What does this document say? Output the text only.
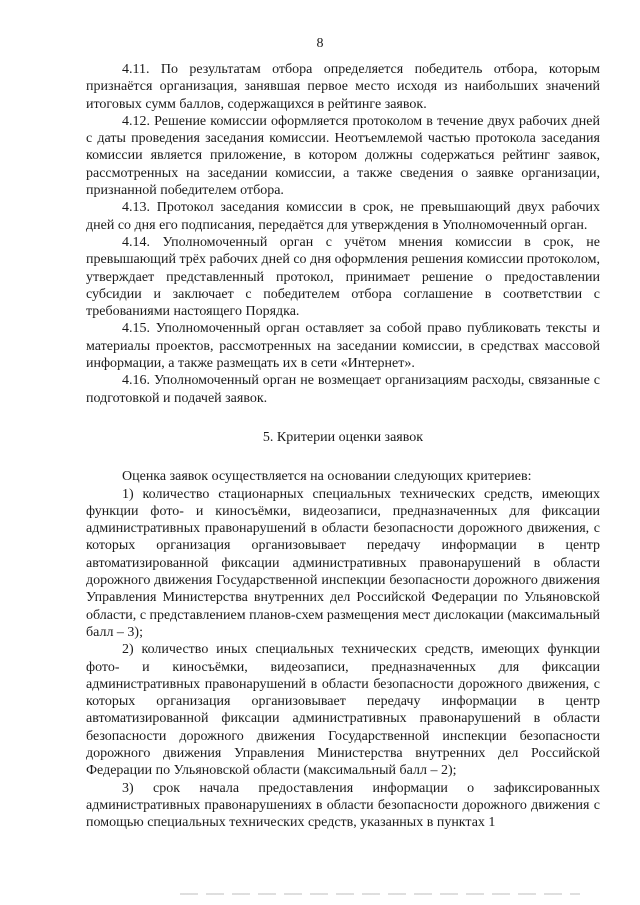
8

4.11. По результатам отбора определяется победитель отбора, которым признаётся организация, занявшая первое место исходя из наибольших значений итоговых сумм баллов, содержащихся в рейтинге заявок.

4.12. Решение комиссии оформляется протоколом в течение двух рабочих дней с даты проведения заседания комиссии. Неотъемлемой частью протокола заседания комиссии является приложение, в котором должны содержаться рейтинг заявок, рассмотренных на заседании комиссии, а также сведения о заявке организации, признанной победителем отбора.

4.13. Протокол заседания комиссии в срок, не превышающий двух рабочих дней со дня его подписания, передаётся для утверждения в Уполномоченный орган.

4.14. Уполномоченный орган с учётом мнения комиссии в срок, не превышающий трёх рабочих дней со дня оформления решения комиссии протоколом, утверждает представленный протокол, принимает решение о предоставлении субсидии и заключает с победителем отбора соглашение в соответствии с требованиями настоящего Порядка.

4.15. Уполномоченный орган оставляет за собой право публиковать тексты и материалы проектов, рассмотренных на заседании комиссии, в средствах массовой информации, а также размещать их в сети «Интернет».

4.16. Уполномоченный орган не возмещает организациям расходы, связанные с подготовкой и подачей заявок.

5. Критерии оценки заявок

Оценка заявок осуществляется на основании следующих критериев:

1) количество стационарных специальных технических средств, имеющих функции фото- и киносъёмки, видеозаписи, предназначенных для фиксации административных правонарушений в области безопасности дорожного движения, с которых организация организовывает передачу информации в центр автоматизированной фиксации административных правонарушений в области дорожного движения Государственной инспекции безопасности дорожного движения Управления Министерства внутренних дел Российской Федерации по Ульяновской области, с представлением планов-схем размещения мест дислокации (максимальный балл – 3);

2) количество иных специальных технических средств, имеющих функции фото- и киносъёмки, видеозаписи, предназначенных для фиксации административных правонарушений в области безопасности дорожного движения, с которых организация организовывает передачу информации в центр автоматизированной фиксации административных правонарушений в области безопасности дорожного движения Государственной инспекции безопасности дорожного движения Управления Министерства внутренних дел Российской Федерации по Ульяновской области (максимальный балл – 2);

3) срок начала предоставления информации о зафиксированных административных правонарушениях в области безопасности дорожного движения с помощью специальных технических средств, указанных в пунктах 1
